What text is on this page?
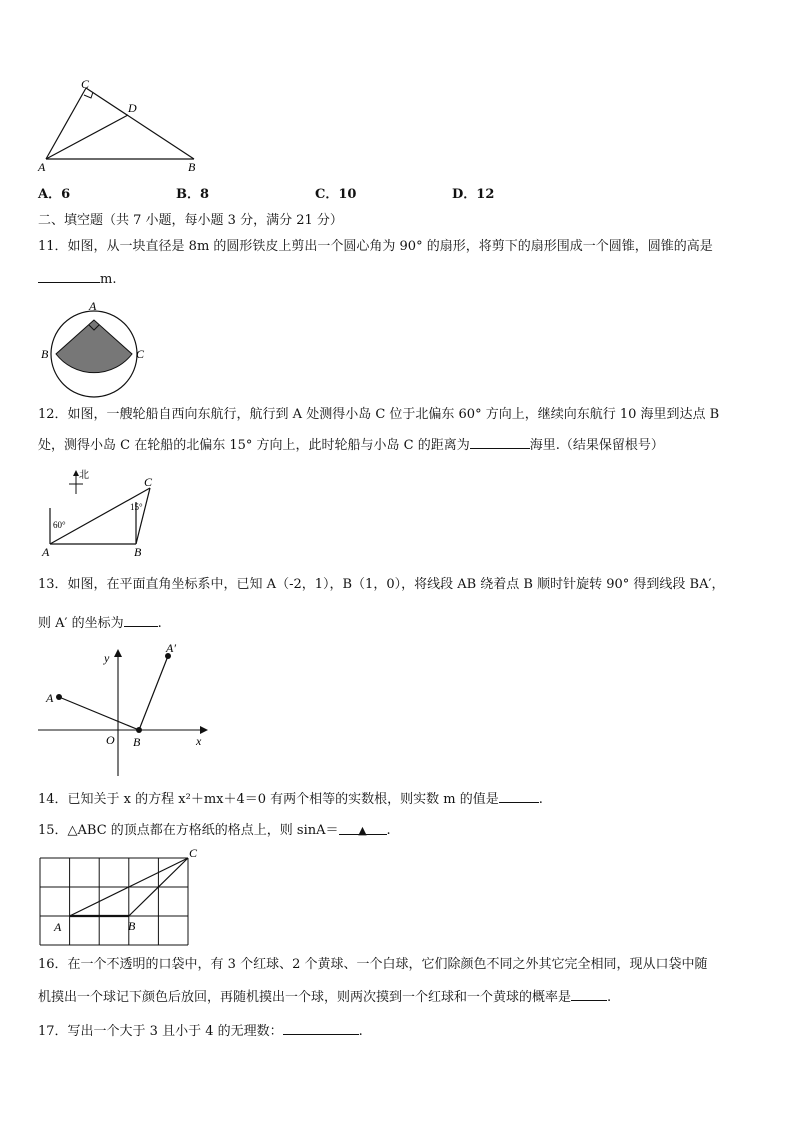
C
D
A	B
A．6	B．8	C．10	D．12
二、填空题（共 7 小题，每小题 3 分，满分 21 分）
11．如图，从一块直径是 8m 的圆形铁皮上剪出一个圆心角为 90° 的扇形，将剪下的扇形围成一个圆锥，圆锥的高是
m.
A
B	C
12．如图，一艘轮船自西向东航行，航行到 A 处测得小岛 C 位于北偏东 60° 方向上，继续向东航行 10 海里到达点 B
处，测得小岛 C 在轮船的北偏东 15° 方向上，此时轮船与小岛 C 的距离为	海里.（结果保留根号）
北
60°
15°
A	B
C
13．如图，在平面直角坐标系中，已知 A（-2，1），B（1，0），将线段 AB 绕着点 B 顺时针旋转 90° 得到线段 BA′，
则 A′ 的坐标为	.
y
x
O
A
B
A′
14．已知关于 x 的方程 x²＋mx＋4＝0 有两个相等的实数根，则实数 m 的值是	.
15．△ABC 的顶点都在方格纸的格点上，则 sinA＝ ▲ .
A	B
C
16．在一个不透明的口袋中，有 3 个红球、2 个黄球、一个白球，它们除颜色不同之外其它完全相同，现从口袋中随
机摸出一个球记下颜色后放回，再随机摸出一个球，则两次摸到一个红球和一个黄球的概率是	.
17．写出一个大于 3 且小于 4 的无理数：	.
